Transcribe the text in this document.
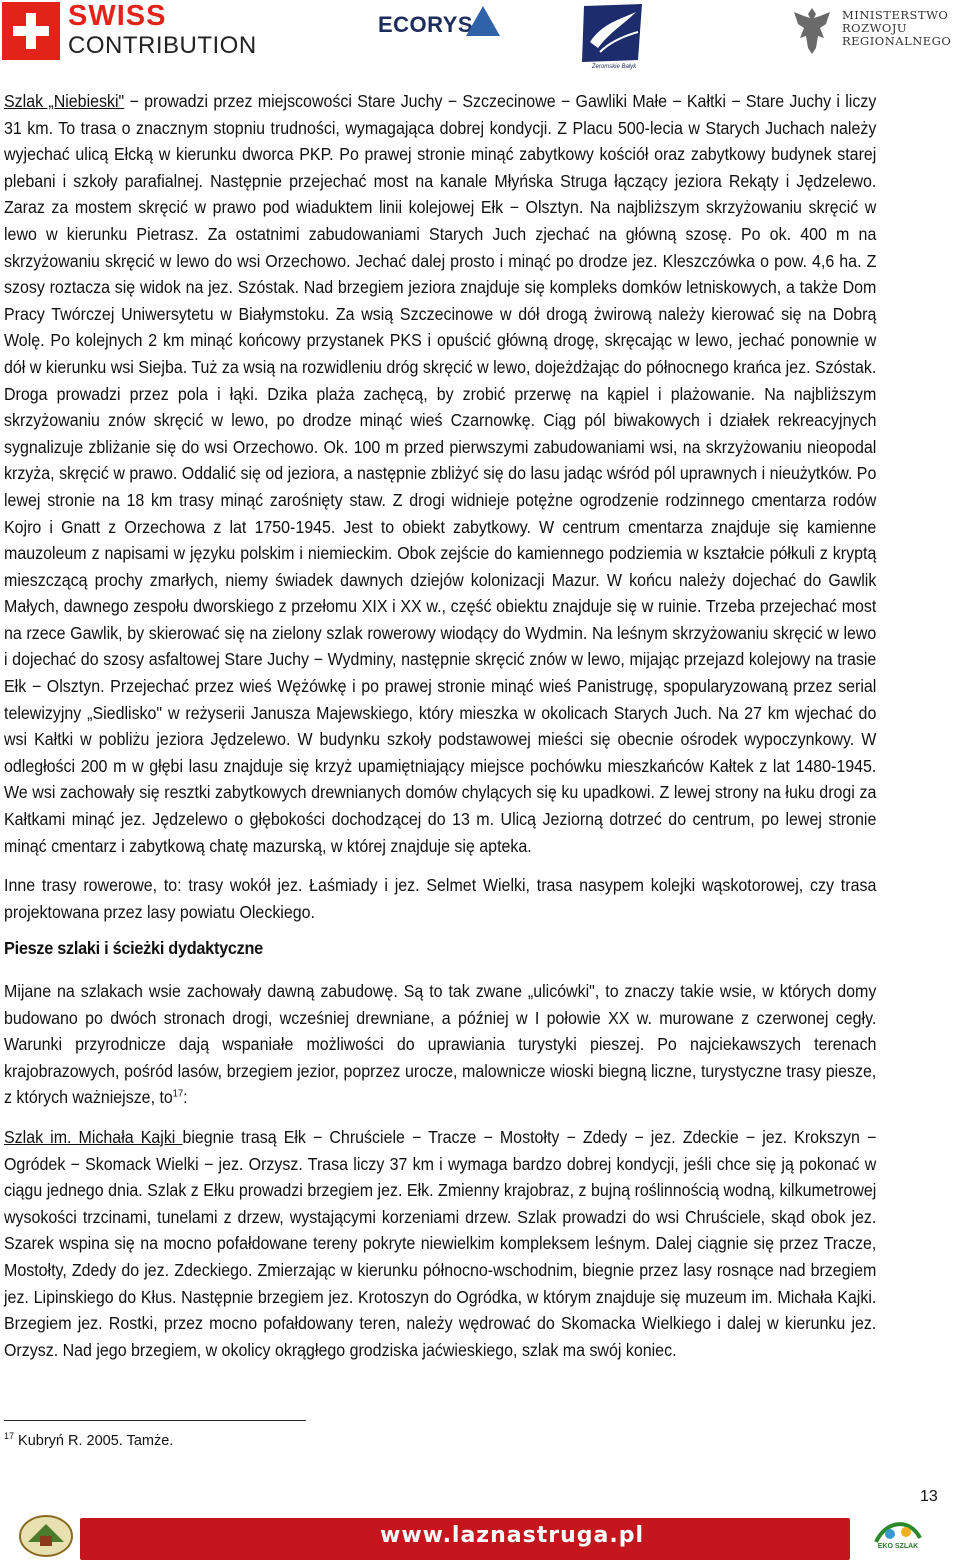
SWISS
CONTRIBUTION
ECORYS
Żeromskie Bałyk
MINISTERSTWO
ROZWOJU
REGIONALNEGO

Szlak „Niebieski" − prowadzi przez miejscowości Stare Juchy − Szczecinowe − Gawliki Małe − Kałtki − Stare Juchy i liczy 31 km. To trasa o znacznym stopniu trudności, wymagająca dobrej kondycji. Z Placu 500-lecia w Starych Juchach należy wyjechać ulicą Ełcką w kierunku dworca PKP. Po prawej stronie minąć zabytkowy kościół oraz zabytkowy budynek starej plebani i szkoły parafialnej. Następnie przejechać most na kanale Młyńska Struga łączący jeziora Rekąty i Jędzelewo. Zaraz za mostem skręcić w prawo pod wiaduktem linii kolejowej Ełk − Olsztyn. Na najbliższym skrzyżowaniu skręcić w lewo w kierunku Pietrasz. Za ostatnimi zabudowaniami Starych Juch zjechać na główną szosę. Po ok. 400 m na skrzyżowaniu skręcić w lewo do wsi Orzechowo. Jechać dalej prosto i minąć po drodze jez. Kleszczówka o pow. 4,6 ha. Z szosy roztacza się widok na jez. Szóstak. Nad brzegiem jeziora znajduje się kompleks domków letniskowych, a także Dom Pracy Twórczej Uniwersytetu w Białymstoku. Za wsią Szczecinowe w dół drogą żwirową należy kierować się na Dobrą Wolę. Po kolejnych 2 km minąć końcowy przystanek PKS i opuścić główną drogę, skręcając w lewo, jechać ponownie w dół w kierunku wsi Siejba. Tuż za wsią na rozwidleniu dróg skręcić w lewo, dojeżdżając do północnego krańca jez. Szóstak. Droga prowadzi przez pola i łąki. Dzika plaża zachęcą, by zrobić przerwę na kąpiel i plażowanie. Na najbliższym skrzyżowaniu znów skręcić w lewo, po drodze minąć wieś Czarnowkę. Ciąg pól biwakowych i działek rekreacyjnych sygnalizuje zbliżanie się do wsi Orzechowo. Ok. 100 m przed pierwszymi zabudowaniami wsi, na skrzyżowaniu nieopodal krzyża, skręcić w prawo. Oddalić się od jeziora, a następnie zbliżyć się do lasu jadąc wśród pól uprawnych i nieużytków. Po lewej stronie na 18 km trasy minąć zarośnięty staw. Z drogi widnieje potężne ogrodzenie rodzinnego cmentarza rodów Kojro i Gnatt z Orzechowa z lat 1750-1945. Jest to obiekt zabytkowy. W centrum cmentarza znajduje się kamienne mauzoleum z napisami w języku polskim i niemieckim. Obok zejście do kamiennego podziemia w kształcie półkuli z kryptą mieszczącą prochy zmarłych, niemy świadek dawnych dziejów kolonizacji Mazur. W końcu należy dojechać do Gawlik Małych, dawnego zespołu dworskiego z przełomu XIX i XX w., część obiektu znajduje się w ruinie. Trzeba przejechać most na rzece Gawlik, by skierować się na zielony szlak rowerowy wiodący do Wydmin. Na leśnym skrzyżowaniu skręcić w lewo i dojechać do szosy asfaltowej Stare Juchy − Wydminy, następnie skręcić znów w lewo, mijając przejazd kolejowy na trasie Ełk − Olsztyn. Przejechać przez wieś Wężówkę i po prawej stronie minąć wieś Panistrugę, spopularyzowaną przez serial telewizyjny „Siedlisko" w reżyserii Janusza Majewskiego, który mieszka w okolicach Starych Juch. Na 27 km wjechać do wsi Kałtki w pobliżu jeziora Jędzelewo. W budynku szkoły podstawowej mieści się obecnie ośrodek wypoczynkowy. W odległości 200 m w głębi lasu znajduje się krzyż upamiętniający miejsce pochówku mieszkańców Kałtek z lat 1480-1945. We wsi zachowały się resztki zabytkowych drewnianych domów chylących się ku upadkowi. Z lewej strony na łuku drogi za Kałtkami minąć jez. Jędzelewo o głębokości dochodzącej do 13 m. Ulicą Jeziorną dotrzeć do centrum, po lewej stronie minąć cmentarz i zabytkową chatę mazurską, w której znajduje się apteka.

Inne trasy rowerowe, to: trasy wokół jez. Łaśmiady i jez. Selmet Wielki, trasa nasypem kolejki wąskotorowej, czy trasa projektowana przez lasy powiatu Oleckiego.

Piesze szlaki i ścieżki dydaktyczne

Mijane na szlakach wsie zachowały dawną zabudowę. Są to tak zwane „ulicówki", to znaczy takie wsie, w których domy budowano po dwóch stronach drogi, wcześniej drewniane, a później w I połowie XX w. murowane z czerwonej cegły. Warunki przyrodnicze dają wspaniałe możliwości do uprawiania turystyki pieszej. Po najciekawszych terenach krajobrazowych, pośród lasów, brzegiem jezior, poprzez urocze, malownicze wioski biegną liczne, turystyczne trasy piesze, z których ważniejsze, $to^{17}$:

Szlak im. Michała Kajki biegnie trasą Ełk − Chruściele − Tracze − Mostołty − Zdedy − jez. Zdeckie − jez. Krokszyn − Ogródek − Skomack Wielki − jez. Orzysz. Trasa liczy 37 km i wymaga bardzo dobrej kondycji, jeśli chce się ją pokonać w ciągu jednego dnia. Szlak z Ełku prowadzi brzegiem jez. Ełk. Zmienny krajobraz, z bujną roślinnością wodną, kilkumetrowej wysokości trzcinami, tunelami z drzew, wystającymi korzeniami drzew. Szlak prowadzi do wsi Chruściele, skąd obok jez. Szarek wspina się na mocno pofałdowane tereny pokryte niewielkim kompleksem leśnym. Dalej ciągnie się przez Tracze, Mostołty, Zdedy do jez. Zdeckiego. Zmierzając w kierunku północno-wschodnim, biegnie przez lasy rosnące nad brzegiem jez. Lipinskiego do Kłus. Następnie brzegiem jez. Krotoszyn do Ogródka, w którym znajduje się muzeum im. Michała Kajki. Brzegiem jez. Rostki, przez mocno pofałdowany teren, należy wędrować do Skomacka Wielkiego i dalej w kierunku jez. Orzysz. Nad jego brzegiem, w okolicy okrągłego grodziska jaćwieskiego, szlak ma swój koniec.

$^{17}$ Kubryń R. 2005. Tamże.
13
www.laznastruga.pl	EKO SZLAK
